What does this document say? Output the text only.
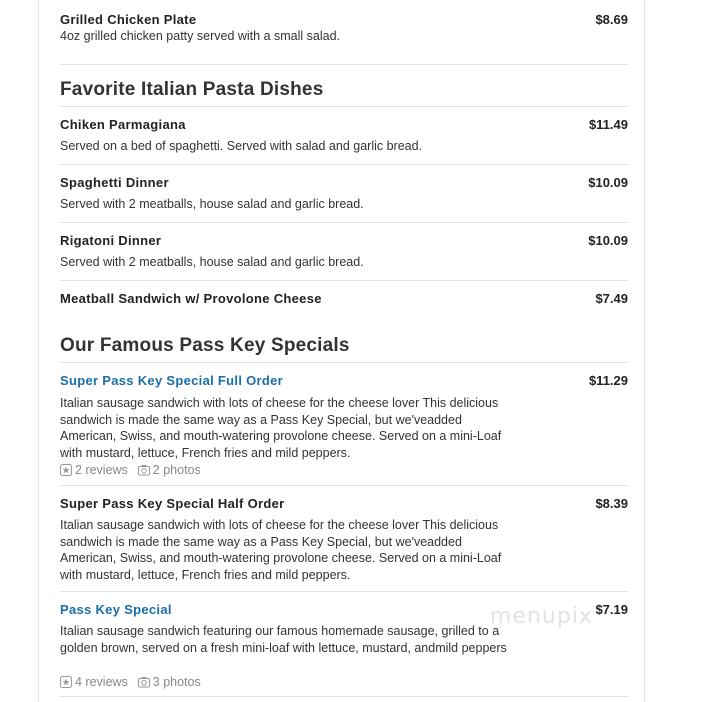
Grilled Chicken Plate	$8.69
4oz grilled chicken patty served with a small salad.
Favorite Italian Pasta Dishes
Chiken Parmagiana	$11.49
Served on a bed of spaghetti. Served with salad and garlic bread.
Spaghetti Dinner	$10.09
Served with 2 meatballs, house salad and garlic bread.
Rigatoni Dinner	$10.09
Served with 2 meatballs, house salad and garlic bread.
Meatball Sandwich w/ Provolone Cheese	$7.49
Our Famous Pass Key Specials
Super Pass Key Special Full Order	$11.29
Italian sausage sandwich with lots of cheese for the cheese lover This delicious sandwich is made the same way as a Pass Key Special, but we'veadded American, Swiss, and mouth-watering provolone cheese. Served on a mini-Loaf with mustard, lettuce, French fries and mild peppers.
2 reviews 2 photos
Super Pass Key Special Half Order	$8.39
Italian sausage sandwich with lots of cheese for the cheese lover This delicious sandwich is made the same way as a Pass Key Special, but we'veadded American, Swiss, and mouth-watering provolone cheese. Served on a mini-Loaf with mustard, lettuce, French fries and mild peppers.
Pass Key Special	$7.19
Italian sausage sandwich featuring our famous homemade sausage, grilled to a golden brown, served on a fresh mini-loaf with lettuce, mustard, andmild peppers
4 reviews 3 photos
menupix
